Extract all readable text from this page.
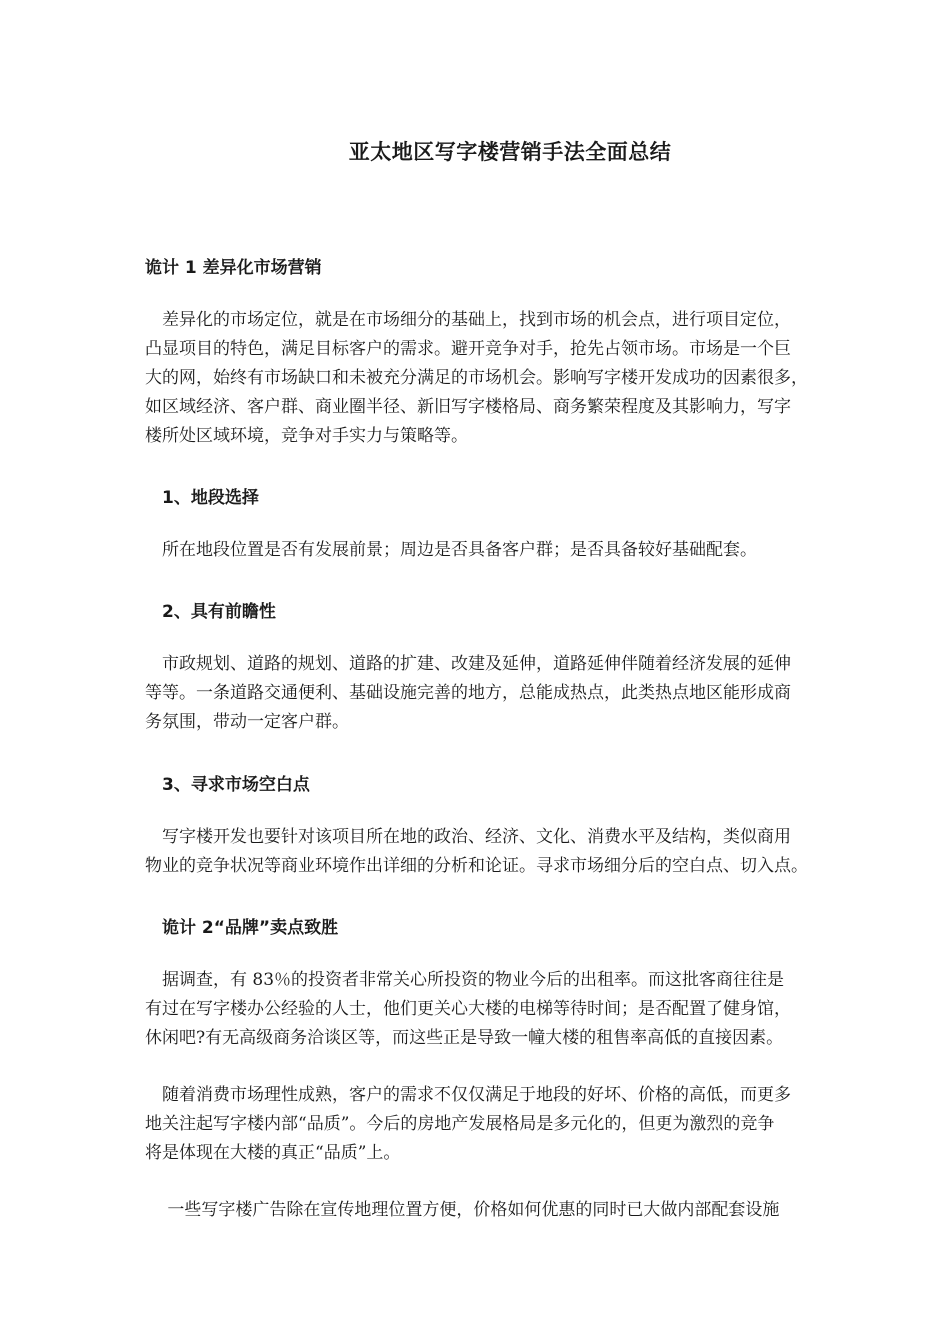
亚太地区写字楼营销手法全面总结
诡计 1 差异化市场营销
　差异化的市场定位，就是在市场细分的基础上，找到市场的机会点，进行项目定位，
凸显项目的特色，满足目标客户的需求。避开竞争对手，抢先占领市场。市场是一个巨
大的网，始终有市场缺口和未被充分满足的市场机会。影响写字楼开发成功的因素很多，
如区域经济、客户群、商业圈半径、新旧写字楼格局、商务繁荣程度及其影响力，写字
楼所处区域环境，竞争对手实力与策略等。
1、地段选择
　所在地段位置是否有发展前景；周边是否具备客户群；是否具备较好基础配套。
2、具有前瞻性
　市政规划、道路的规划、道路的扩建、改建及延伸，道路延伸伴随着经济发展的延伸
等等。一条道路交通便利、基础设施完善的地方，总能成热点，此类热点地区能形成商
务氛围，带动一定客户群。
3、寻求市场空白点
　写字楼开发也要针对该项目所在地的政治、经济、文化、消费水平及结构，类似商用
物业的竞争状况等商业环境作出详细的分析和论证。寻求市场细分后的空白点、切入点。
诡计 2“品牌”卖点致胜
　据调查，有 83％的投资者非常关心所投资的物业今后的出租率。而这批客商往往是
有过在写字楼办公经验的人士，他们更关心大楼的电梯等待时间；是否配置了健身馆，
休闲吧?有无高级商务洽谈区等，而这些正是导致一幢大楼的租售率高低的直接因素。
　随着消费市场理性成熟，客户的需求不仅仅满足于地段的好坏、价格的高低，而更多
地关注起写字楼内部“品质”。今后的房地产发展格局是多元化的，但更为激烈的竞争
将是体现在大楼的真正“品质”上。
　 一些写字楼广告除在宣传地理位置方便，价格如何优惠的同时已大做内部配套设施
